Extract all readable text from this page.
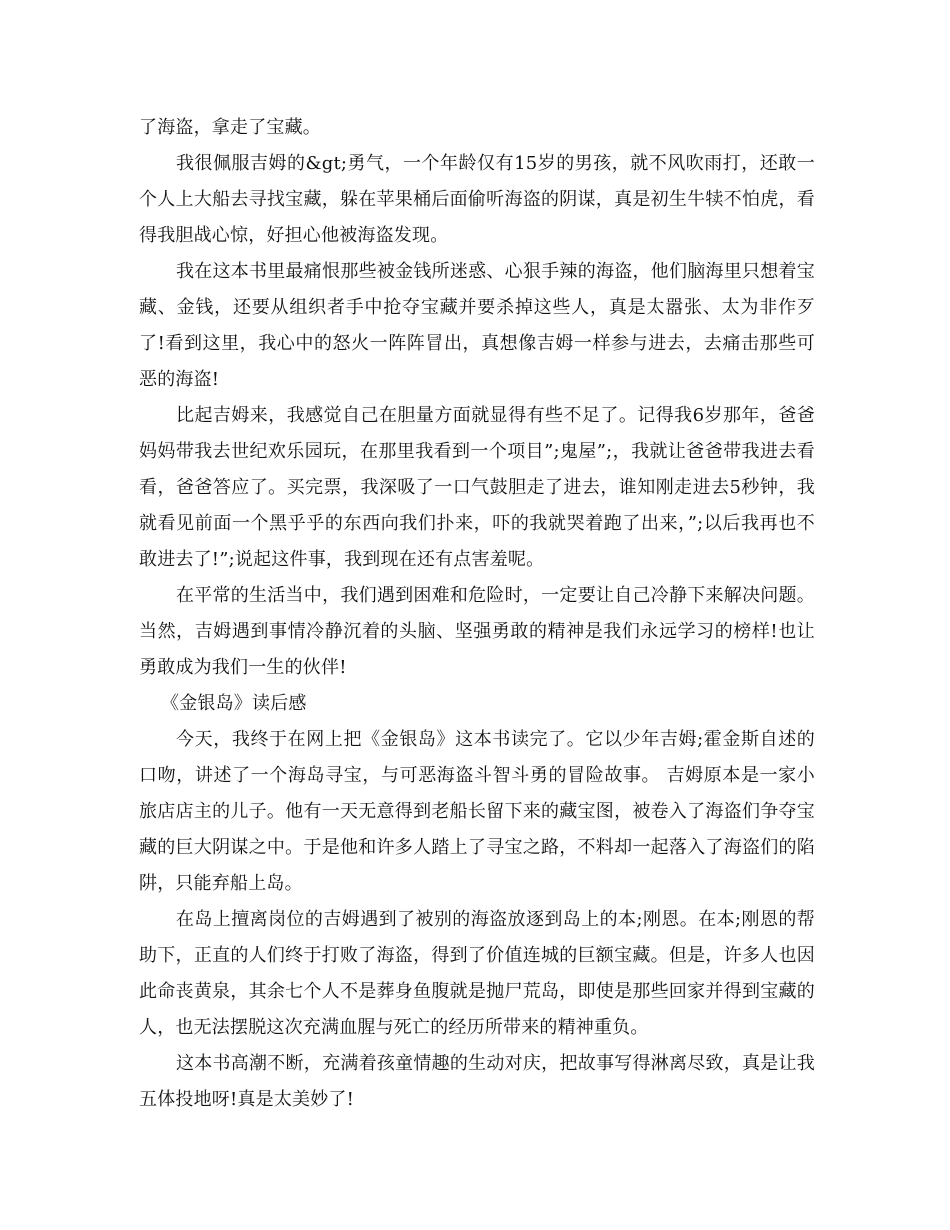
了海盗，拿走了宝藏。

我很佩服吉姆的&gt;勇气，一个年龄仅有15岁的男孩，就不风吹雨打，还敢一个人上大船去寻找宝藏，躲在苹果桶后面偷听海盗的阴谋，真是初生牛犊不怕虎，看得我胆战心惊，好担心他被海盗发现。

我在这本书里最痛恨那些被金钱所迷惑、心狠手辣的海盗，他们脑海里只想着宝藏、金钱，还要从组织者手中抢夺宝藏并要杀掉这些人，真是太嚣张、太为非作歹了!看到这里，我心中的怒火一阵阵冒出，真想像吉姆一样参与进去，去痛击那些可恶的海盗!

比起吉姆来，我感觉自己在胆量方面就显得有些不足了。记得我6岁那年，爸爸妈妈带我去世纪欢乐园玩，在那里我看到一个项目”;鬼屋”;，我就让爸爸带我进去看看，爸爸答应了。买完票，我深吸了一口气鼓胆走了进去，谁知刚走进去5秒钟，我就看见前面一个黑乎乎的东西向我们扑来，吓的我就哭着跑了出来，”;以后我再也不敢进去了!”;说起这件事，我到现在还有点害羞呢。

在平常的生活当中，我们遇到困难和危险时，一定要让自己冷静下来解决问题。当然，吉姆遇到事情冷静沉着的头脑、坚强勇敢的精神是我们永远学习的榜样!也让勇敢成为我们一生的伙伴!

《金银岛》读后感

今天，我终于在网上把《金银岛》这本书读完了。它以少年吉姆;霍金斯自述的口吻，讲述了一个海岛寻宝，与可恶海盗斗智斗勇的冒险故事。 吉姆原本是一家小旅店店主的儿子。他有一天无意得到老船长留下来的藏宝图，被卷入了海盗们争夺宝藏的巨大阴谋之中。于是他和许多人踏上了寻宝之路，不料却一起落入了海盗们的陷阱，只能弃船上岛。

在岛上擅离岗位的吉姆遇到了被别的海盗放逐到岛上的本;刚恩。在本;刚恩的帮助下，正直的人们终于打败了海盗，得到了价值连城的巨额宝藏。但是，许多人也因此命丧黄泉，其余七个人不是葬身鱼腹就是抛尸荒岛，即使是那些回家并得到宝藏的人，也无法摆脱这次充满血腥与死亡的经历所带来的精神重负。

这本书高潮不断，充满着孩童情趣的生动对庆，把故事写得淋离尽致，真是让我五体投地呀!真是太美妙了!
